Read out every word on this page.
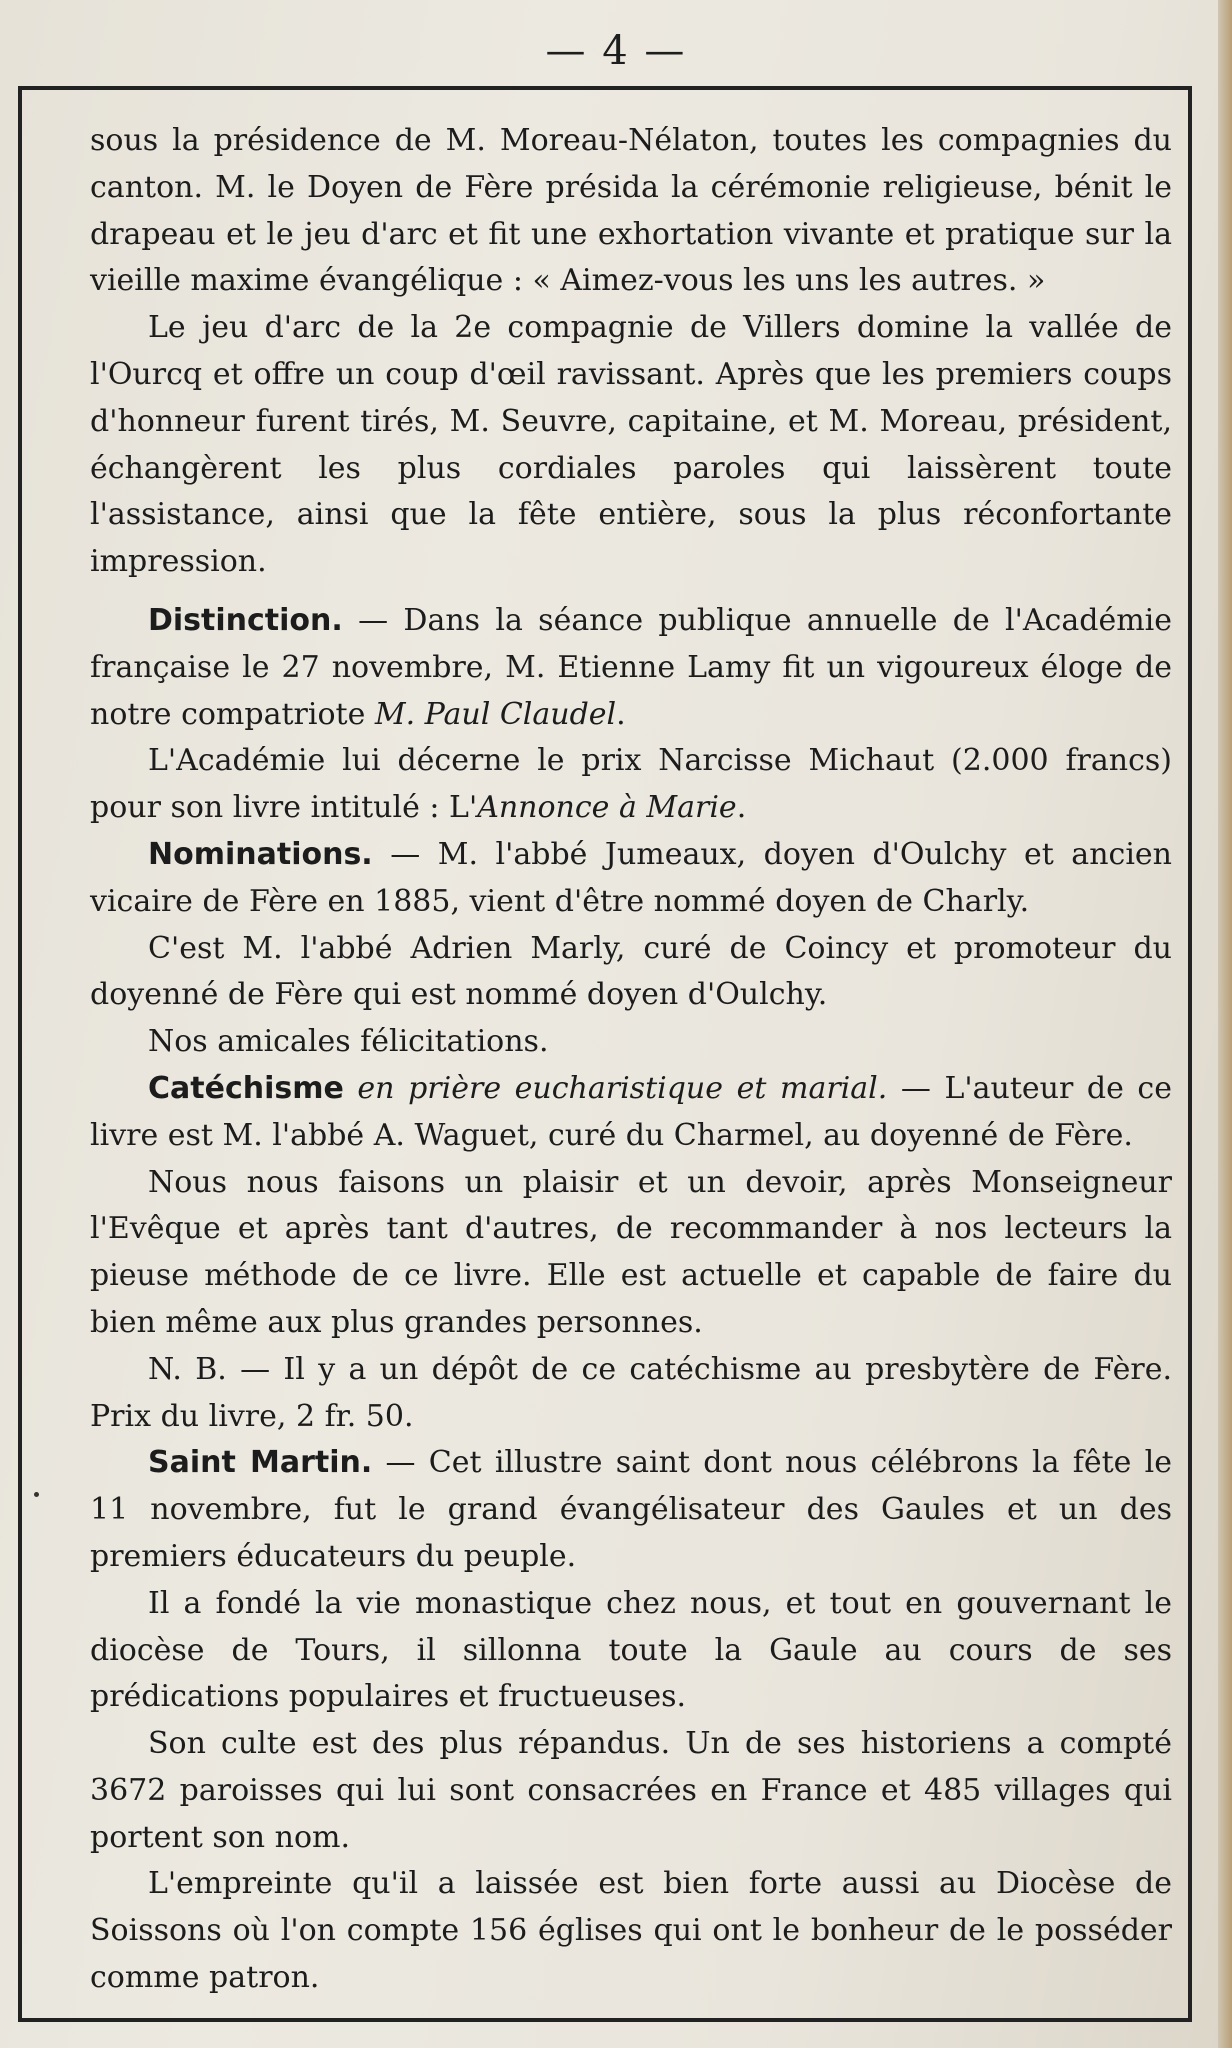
— 4 —

sous la présidence de M. Moreau-Nélaton, toutes les compagnies du canton. M. le Doyen de Fère présida la cérémonie religieuse, bénit le drapeau et le jeu d'arc et fit une exhortation vivante et pratique sur la vieille maxime évangélique : « Aimez-vous les uns les autres. »

Le jeu d'arc de la 2e compagnie de Villers domine la vallée de l'Ourcq et offre un coup d'œil ravissant. Après que les premiers coups d'honneur furent tirés, M. Seuvre, capitaine, et M. Moreau, président, échangèrent les plus cordiales paroles qui laissèrent toute l'assistance, ainsi que la fête entière, sous la plus réconfortante impression.

Distinction. — Dans la séance publique annuelle de l'Académie française le 27 novembre, M. Etienne Lamy fit un vigoureux éloge de notre compatriote M. Paul Claudel.

L'Académie lui décerne le prix Narcisse Michaut (2.000 francs) pour son livre intitulé : L'Annonce à Marie.

Nominations. — M. l'abbé Jumeaux, doyen d'Oulchy et ancien vicaire de Fère en 1885, vient d'être nommé doyen de Charly.

C'est M. l'abbé Adrien Marly, curé de Coincy et promoteur du doyenné de Fère qui est nommé doyen d'Oulchy.

Nos amicales félicitations.

Catéchisme en prière eucharistique et marial. — L'auteur de ce livre est M. l'abbé A. Waguet, curé du Charmel, au doyenné de Fère.

Nous nous faisons un plaisir et un devoir, après Monseigneur l'Evêque et après tant d'autres, de recommander à nos lecteurs la pieuse méthode de ce livre. Elle est actuelle et capable de faire du bien même aux plus grandes personnes.

N. B. — Il y a un dépôt de ce catéchisme au presbytère de Fère. Prix du livre, 2 fr. 50.

Saint Martin. — Cet illustre saint dont nous célébrons la fête le 11 novembre, fut le grand évangélisateur des Gaules et un des premiers éducateurs du peuple.

Il a fondé la vie monastique chez nous, et tout en gouvernant le diocèse de Tours, il sillonna toute la Gaule au cours de ses prédications populaires et fructueuses.

Son culte est des plus répandus. Un de ses historiens a compté 3672 paroisses qui lui sont consacrées en France et 485 villages qui portent son nom.

L'empreinte qu'il a laissée est bien forte aussi au Diocèse de Soissons où l'on compte 156 églises qui ont le bonheur de le posséder comme patron.
